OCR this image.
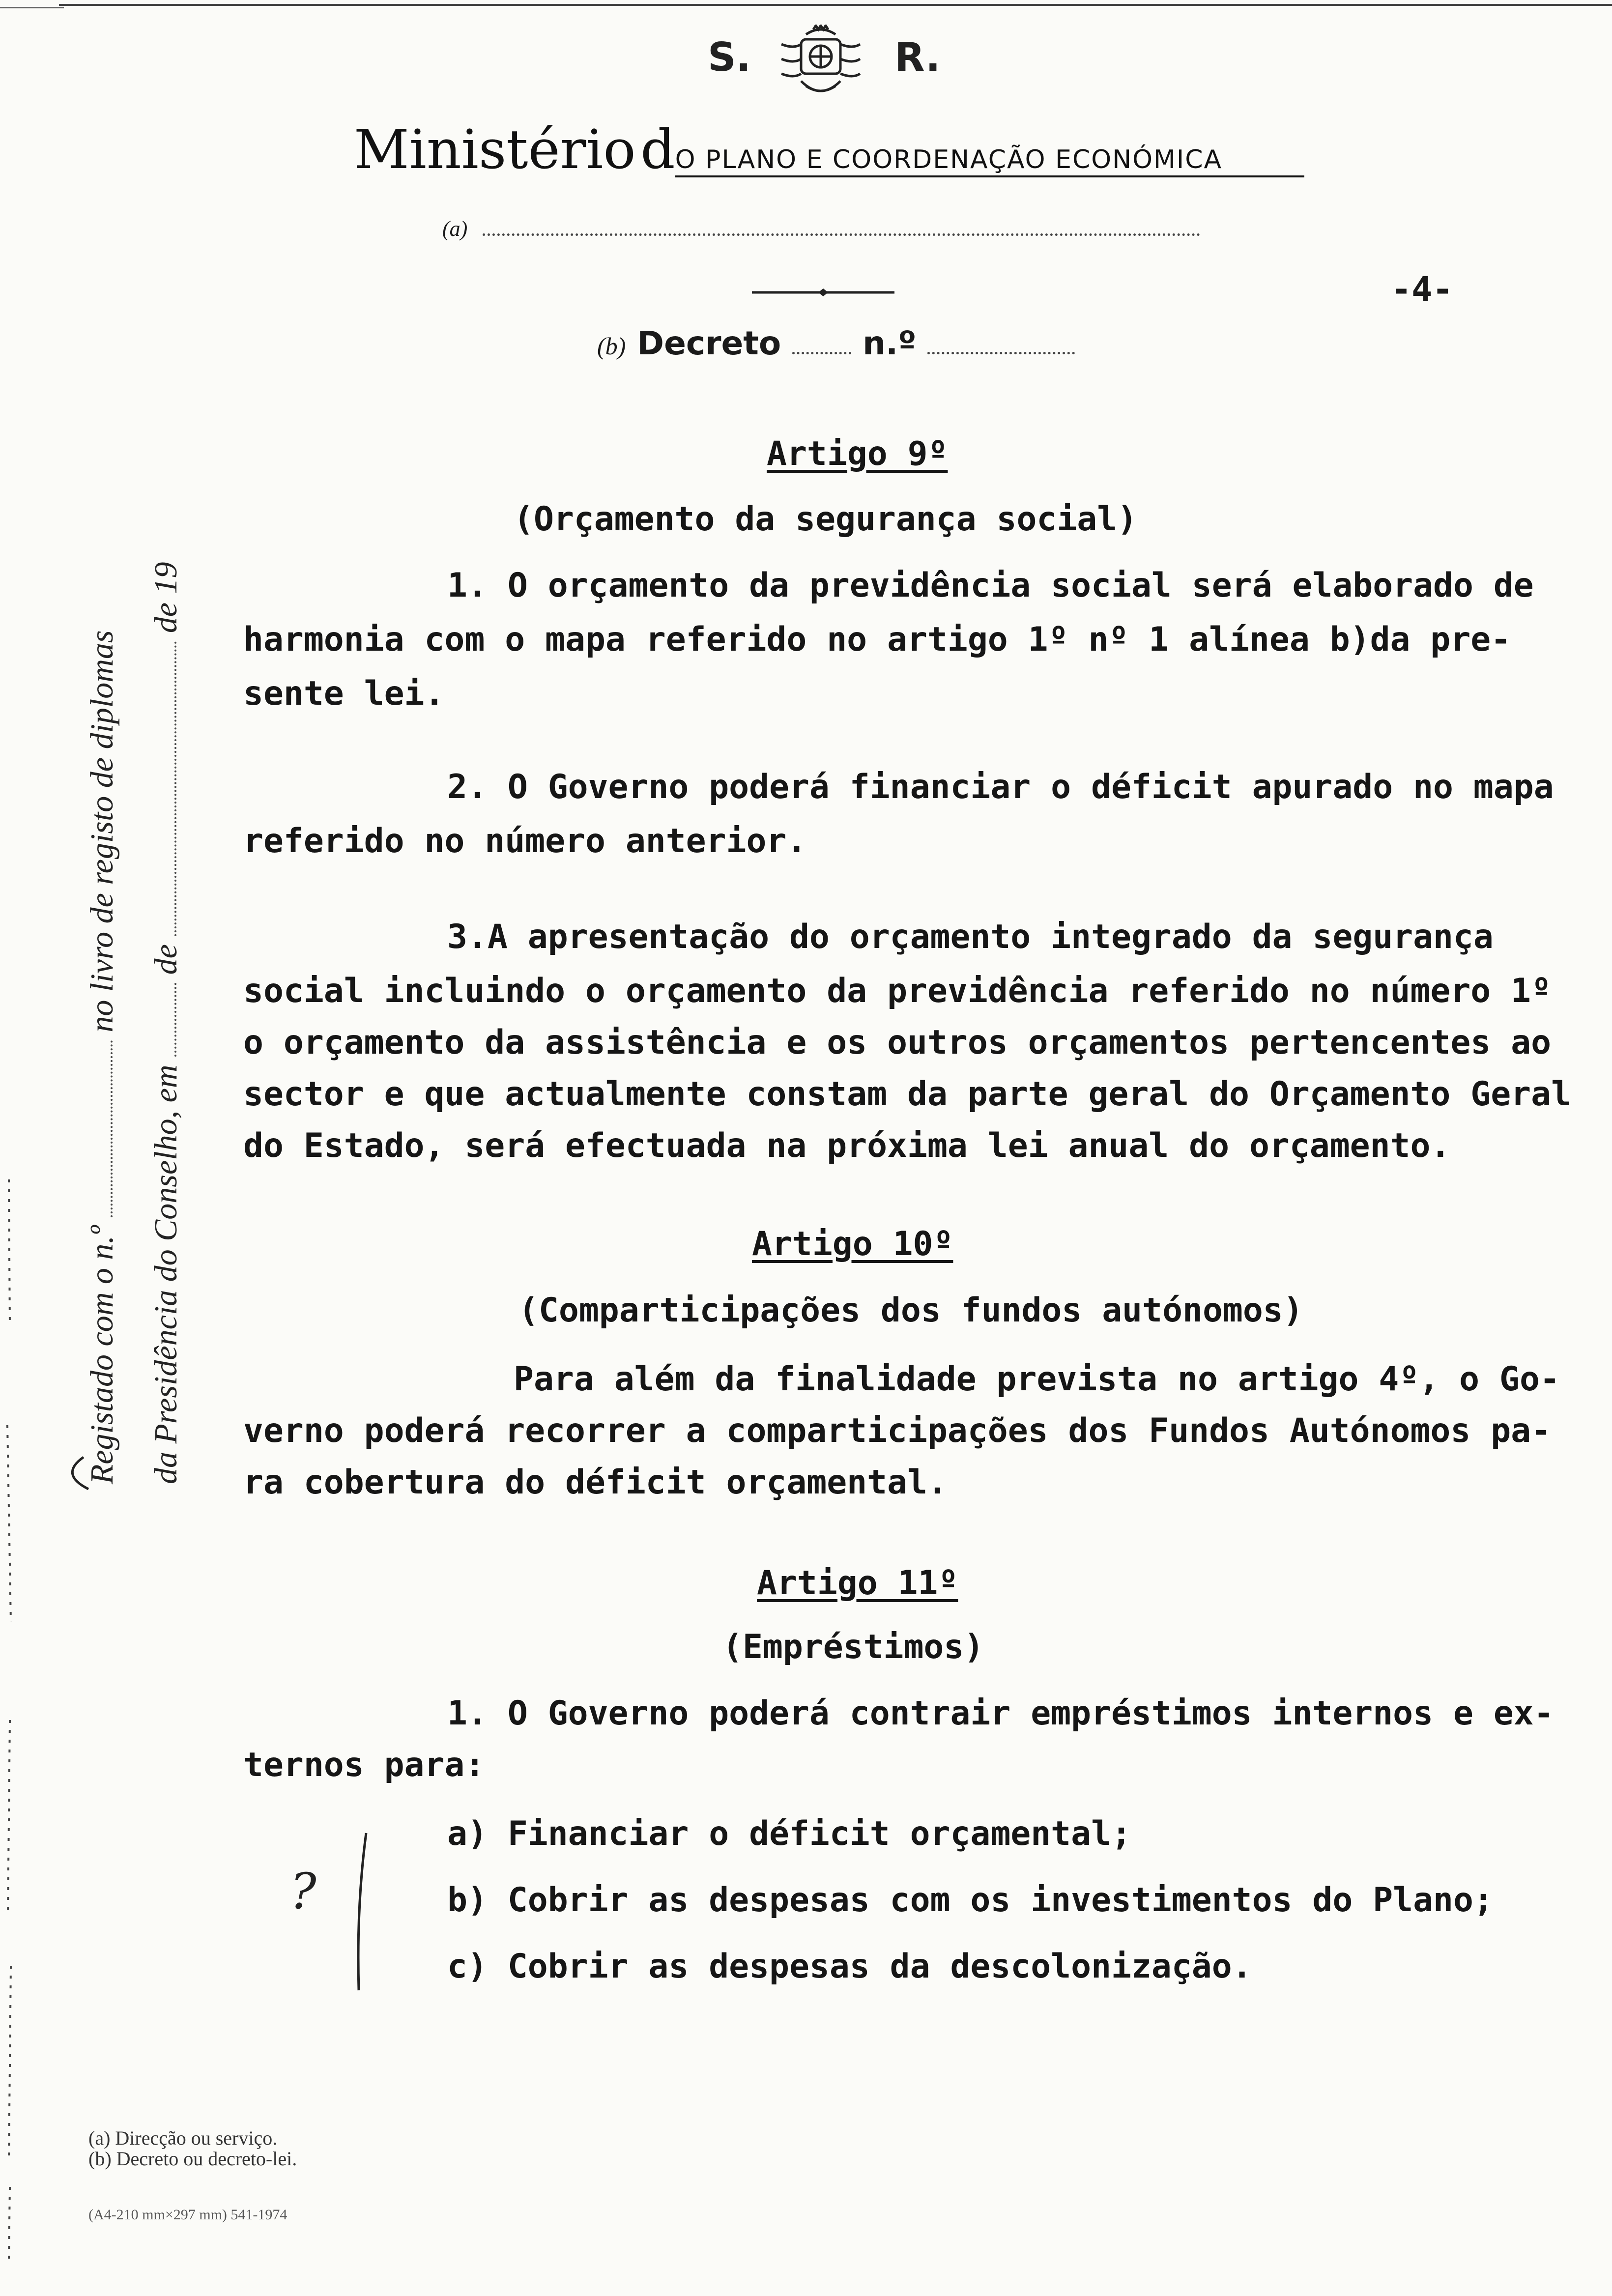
S.	R.
Ministério dO PLANO E COORDENAÇÃO ECONÓMICA
(a)
-4-
(b) Decreto	n.º
Registado com o n.º  no livro de registo de diplomas
da Presidência do Conselho, em  de  de 19
Artigo 9º
(Orçamento da segurança social)
1. O orçamento da previdência social será elaborado de
harmonia com o mapa referido no artigo 1º nº 1 alínea b)da pre-
sente lei.
2. O Governo poderá financiar o déficit apurado no mapa
referido no número anterior.
3.A apresentação do orçamento integrado da segurança
social incluindo o orçamento da previdência referido no número 1º
o orçamento da assistência e os outros orçamentos pertencentes ao
sector e que actualmente constam da parte geral do Orçamento Geral
do Estado, será efectuada na próxima lei anual do orçamento.
Artigo 10º
(Comparticipações dos fundos autónomos)
Para além da finalidade prevista no artigo 4º, o Go-
verno poderá recorrer a comparticipações dos Fundos Autónomos pa-
ra cobertura do déficit orçamental.
Artigo 11º
(Empréstimos)
1. O Governo poderá contrair empréstimos internos e ex-
ternos para:
a) Financiar o déficit orçamental;
b) Cobrir as despesas com os investimentos do Plano;
c) Cobrir as despesas da descolonização.
?
(a) Direcção ou serviço.
(b) Decreto ou decreto-lei.
(A4-210 mm×297 mm) 541-1974
